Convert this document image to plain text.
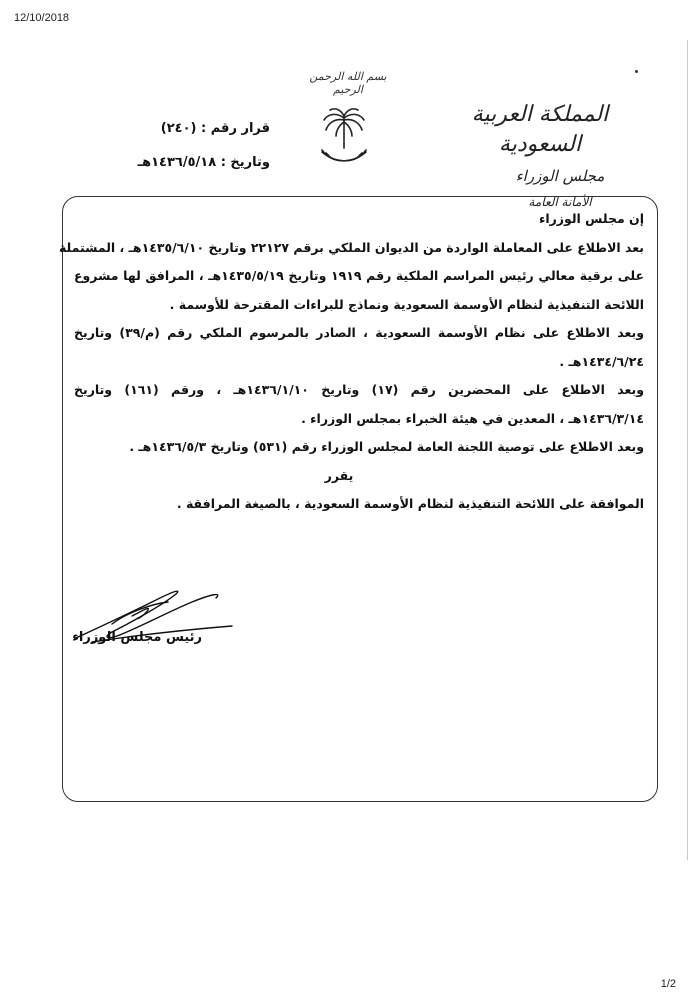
12/10/2018
بسم الله الرحمن الرحيم
المملكة العربية السعودية
مجلس الوزراء
الأمانة العامة
قرار رقم : (٢٤٠)
وتاريخ : ١٤٣٦/٥/١٨هـ
إن مجلس الوزراء
بعد الاطلاع على المعاملة الواردة من الديوان الملكي برقم ٢٢١٢٧ وتاريخ ١٤٣٥/٦/١٠هـ ، المشتملة
على برقية معالي رئيس المراسم الملكية رقم ١٩١٩ وتاريخ ١٤٣٥/٥/١٩هـ ، المرافق لها مشروع
اللائحة التنفيذية لنظام الأوسمة السعودية ونماذج للبراءات المقترحة للأوسمة .
وبعد الاطلاع على نظام الأوسمة السعودية ، الصادر بالمرسوم الملكي رقم (م/٣٩) وتاريخ
١٤٣٤/٦/٢٤هـ .
وبعد الاطلاع على المحضرين رقم (١٧) وتاريخ ١٤٣٦/١/١٠هـ ، ورقم (١٦١) وتاريخ
١٤٣٦/٣/١٤هـ ، المعدين في هيئة الخبراء بمجلس الوزراء .
وبعد الاطلاع على توصية اللجنة العامة لمجلس الوزراء رقم (٥٣١) وتاريخ ١٤٣٦/٥/٣هـ .
يقرر
الموافقة على اللائحة التنفيذية لنظام الأوسمة السعودية ، بالصيغة المرافقة .
رئيس مجلس الوزراء
1/2
